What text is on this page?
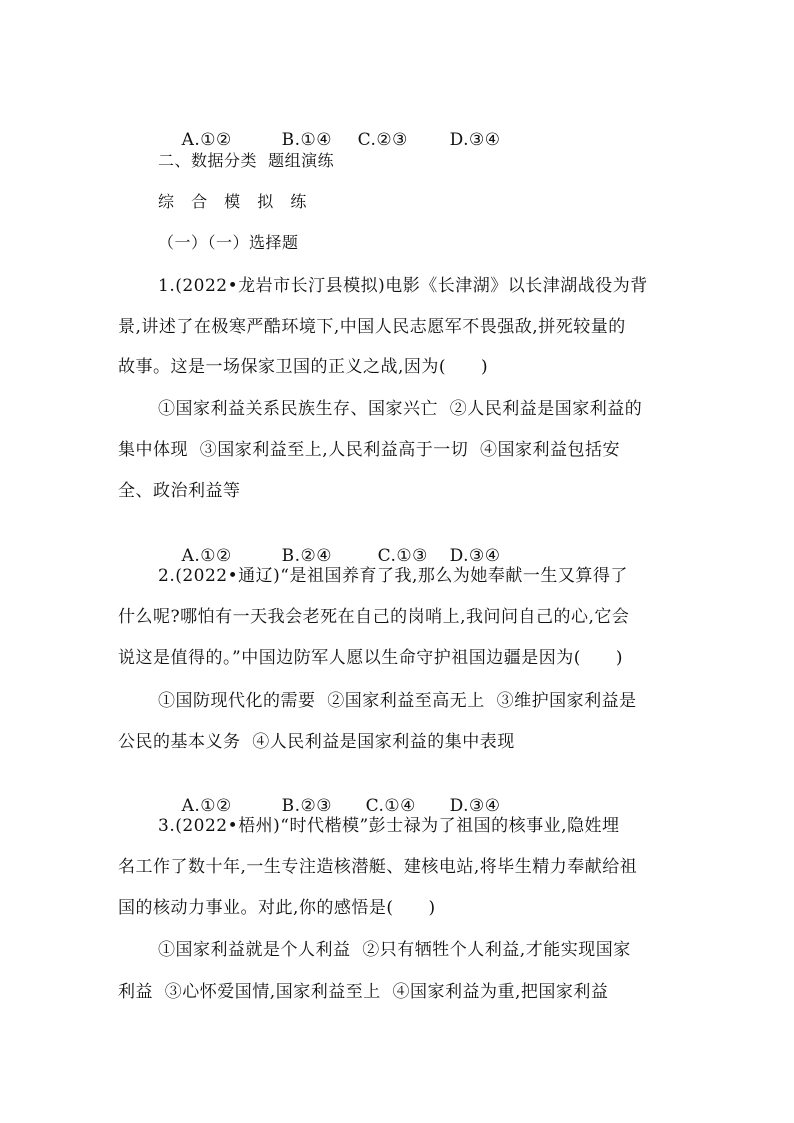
A.①②	B.①④ C.②③ D.③④

二、数据分类  题组演练
综 合 模 拟 练
（一）（一）选择题
1.(2022•龙岩市长汀县模拟)电影《长津湖》以长津湖战役为背
景,讲述了在极寒严酷环境下,中国人民志愿军不畏强敌,拼死较量的
故事。这是一场保家卫国的正义之战,因为(　　)
①国家利益关系民族生存、国家兴亡  ②人民利益是国家利益的
集中体现  ③国家利益至上,人民利益高于一切  ④国家利益包括安
全、政治利益等

A.①②	B.②④	C.①③ D.③④

2.(2022•通辽)“是祖国养育了我,那么为她奉献一生又算得了
什么呢?哪怕有一天我会老死在自己的岗哨上,我问问自己的心,它会
说这是值得的。”中国边防军人愿以生命守护祖国边疆是因为(　　)
①国防现代化的需要  ②国家利益至高无上  ③维护国家利益是
公民的基本义务  ④人民利益是国家利益的集中表现

A.①②	B.②③ C.①④ D.③④

3.(2022•梧州)“时代楷模”彭士禄为了祖国的核事业,隐姓埋
名工作了数十年,一生专注造核潜艇、建核电站,将毕生精力奉献给祖
国的核动力事业。对此,你的感悟是(　　)
①国家利益就是个人利益  ②只有牺牲个人利益,才能实现国家
利益  ③心怀爱国情,国家利益至上  ④国家利益为重,把国家利益
